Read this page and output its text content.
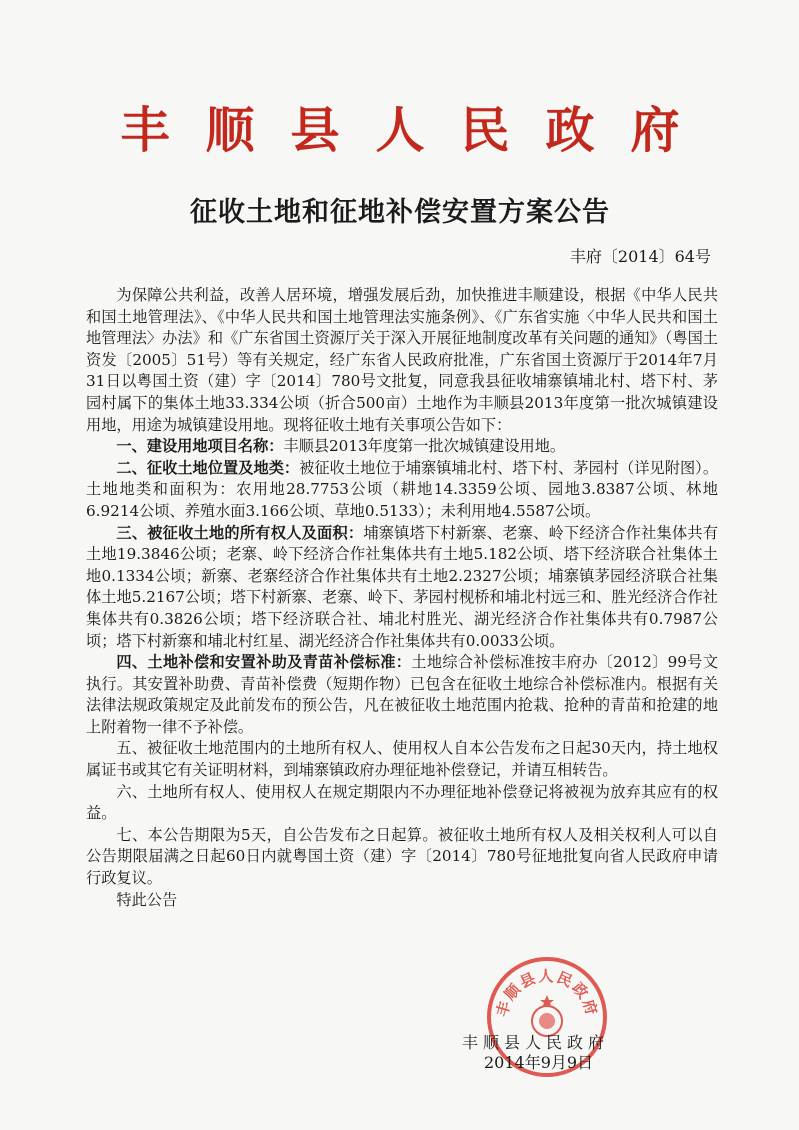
丰顺县人民政府
征收土地和征地补偿安置方案公告
丰府〔2014〕64号

为保障公共利益，改善人居环境，增强发展后劲，加快推进丰顺建设，根据《中华人民共和国土地管理法》、《中华人民共和国土地管理法实施条例》、《广东省实施〈中华人民共和国土地管理法〉办法》和《广东省国土资源厅关于深入开展征地制度改革有关问题的通知》（粤国土资发〔2005〕51号）等有关规定，经广东省人民政府批准，广东省国土资源厅于2014年7月31日以粤国土资（建）字〔2014〕780号文批复，同意我县征收埔寨镇埔北村、塔下村、茅园村属下的集体土地33.334公顷（折合500亩）土地作为丰顺县2013年度第一批次城镇建设用地，用途为城镇建设用地。现将征收土地有关事项公告如下：

一、建设用地项目名称：丰顺县2013年度第一批次城镇建设用地。

二、征收土地位置及地类：被征收土地位于埔寨镇埔北村、塔下村、茅园村（详见附图）。土地地类和面积为：农用地28.7753公顷（耕地14.3359公顷、园地3.8387公顷、林地6.9214公顷、养殖水面3.166公顷、草地0.5133）；未利用地4.5587公顷。

三、被征收土地的所有权人及面积：埔寨镇塔下村新寨、老寨、岭下经济合作社集体共有土地19.3846公顷；老寨、岭下经济合作社集体共有土地5.182公顷、塔下经济联合社集体土地0.1334公顷；新寨、老寨经济合作社集体共有土地2.2327公顷；埔寨镇茅园经济联合社集体土地5.2167公顷；塔下村新寨、老寨、岭下、茅园村枧桥和埔北村远三和、胜光经济合作社集体共有0.3826公顷；塔下经济联合社、埔北村胜光、湖光经济合作社集体共有0.7987公顷；塔下村新寨和埔北村红星、湖光经济合作社集体共有0.0033公顷。

四、土地补偿和安置补助及青苗补偿标准：土地综合补偿标准按丰府办〔2012〕99号文执行。其安置补助费、青苗补偿费（短期作物）已包含在征收土地综合补偿标准内。根据有关法律法规政策规定及此前发布的预公告，凡在被征收土地范围内抢栽、抢种的青苗和抢建的地上附着物一律不予补偿。

五、被征收土地范围内的土地所有权人、使用权人自本公告发布之日起30天内，持土地权属证书或其它有关证明材料，到埔寨镇政府办理征地补偿登记，并请互相转告。

六、土地所有权人、使用权人在规定期限内不办理征地补偿登记将被视为放弃其应有的权益。

七、本公告期限为5天，自公告发布之日起算。被征收土地所有权人及相关权利人可以自公告期限届满之日起60日内就粤国土资（建）字〔2014〕780号征地批复向省人民政府申请行政复议。

特此公告

丰顺县人民政府
丰顺县人民政府
2014年9月9日
